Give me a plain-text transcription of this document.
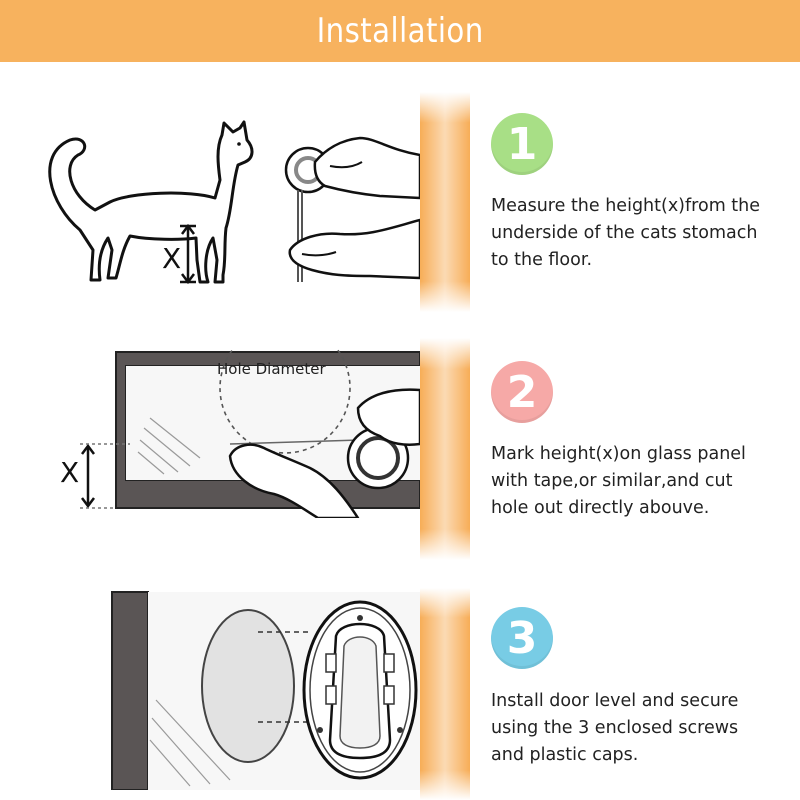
Installation
X
1
Measure the height(x)from the
underside of the cats stomach
to the floor.
Hole Diameter
X
2
Mark height(x)on glass panel
with tape,or similar,and cut
hole out directly abouve.
3
Install door level and secure
using the 3 enclosed screws
and plastic caps.
